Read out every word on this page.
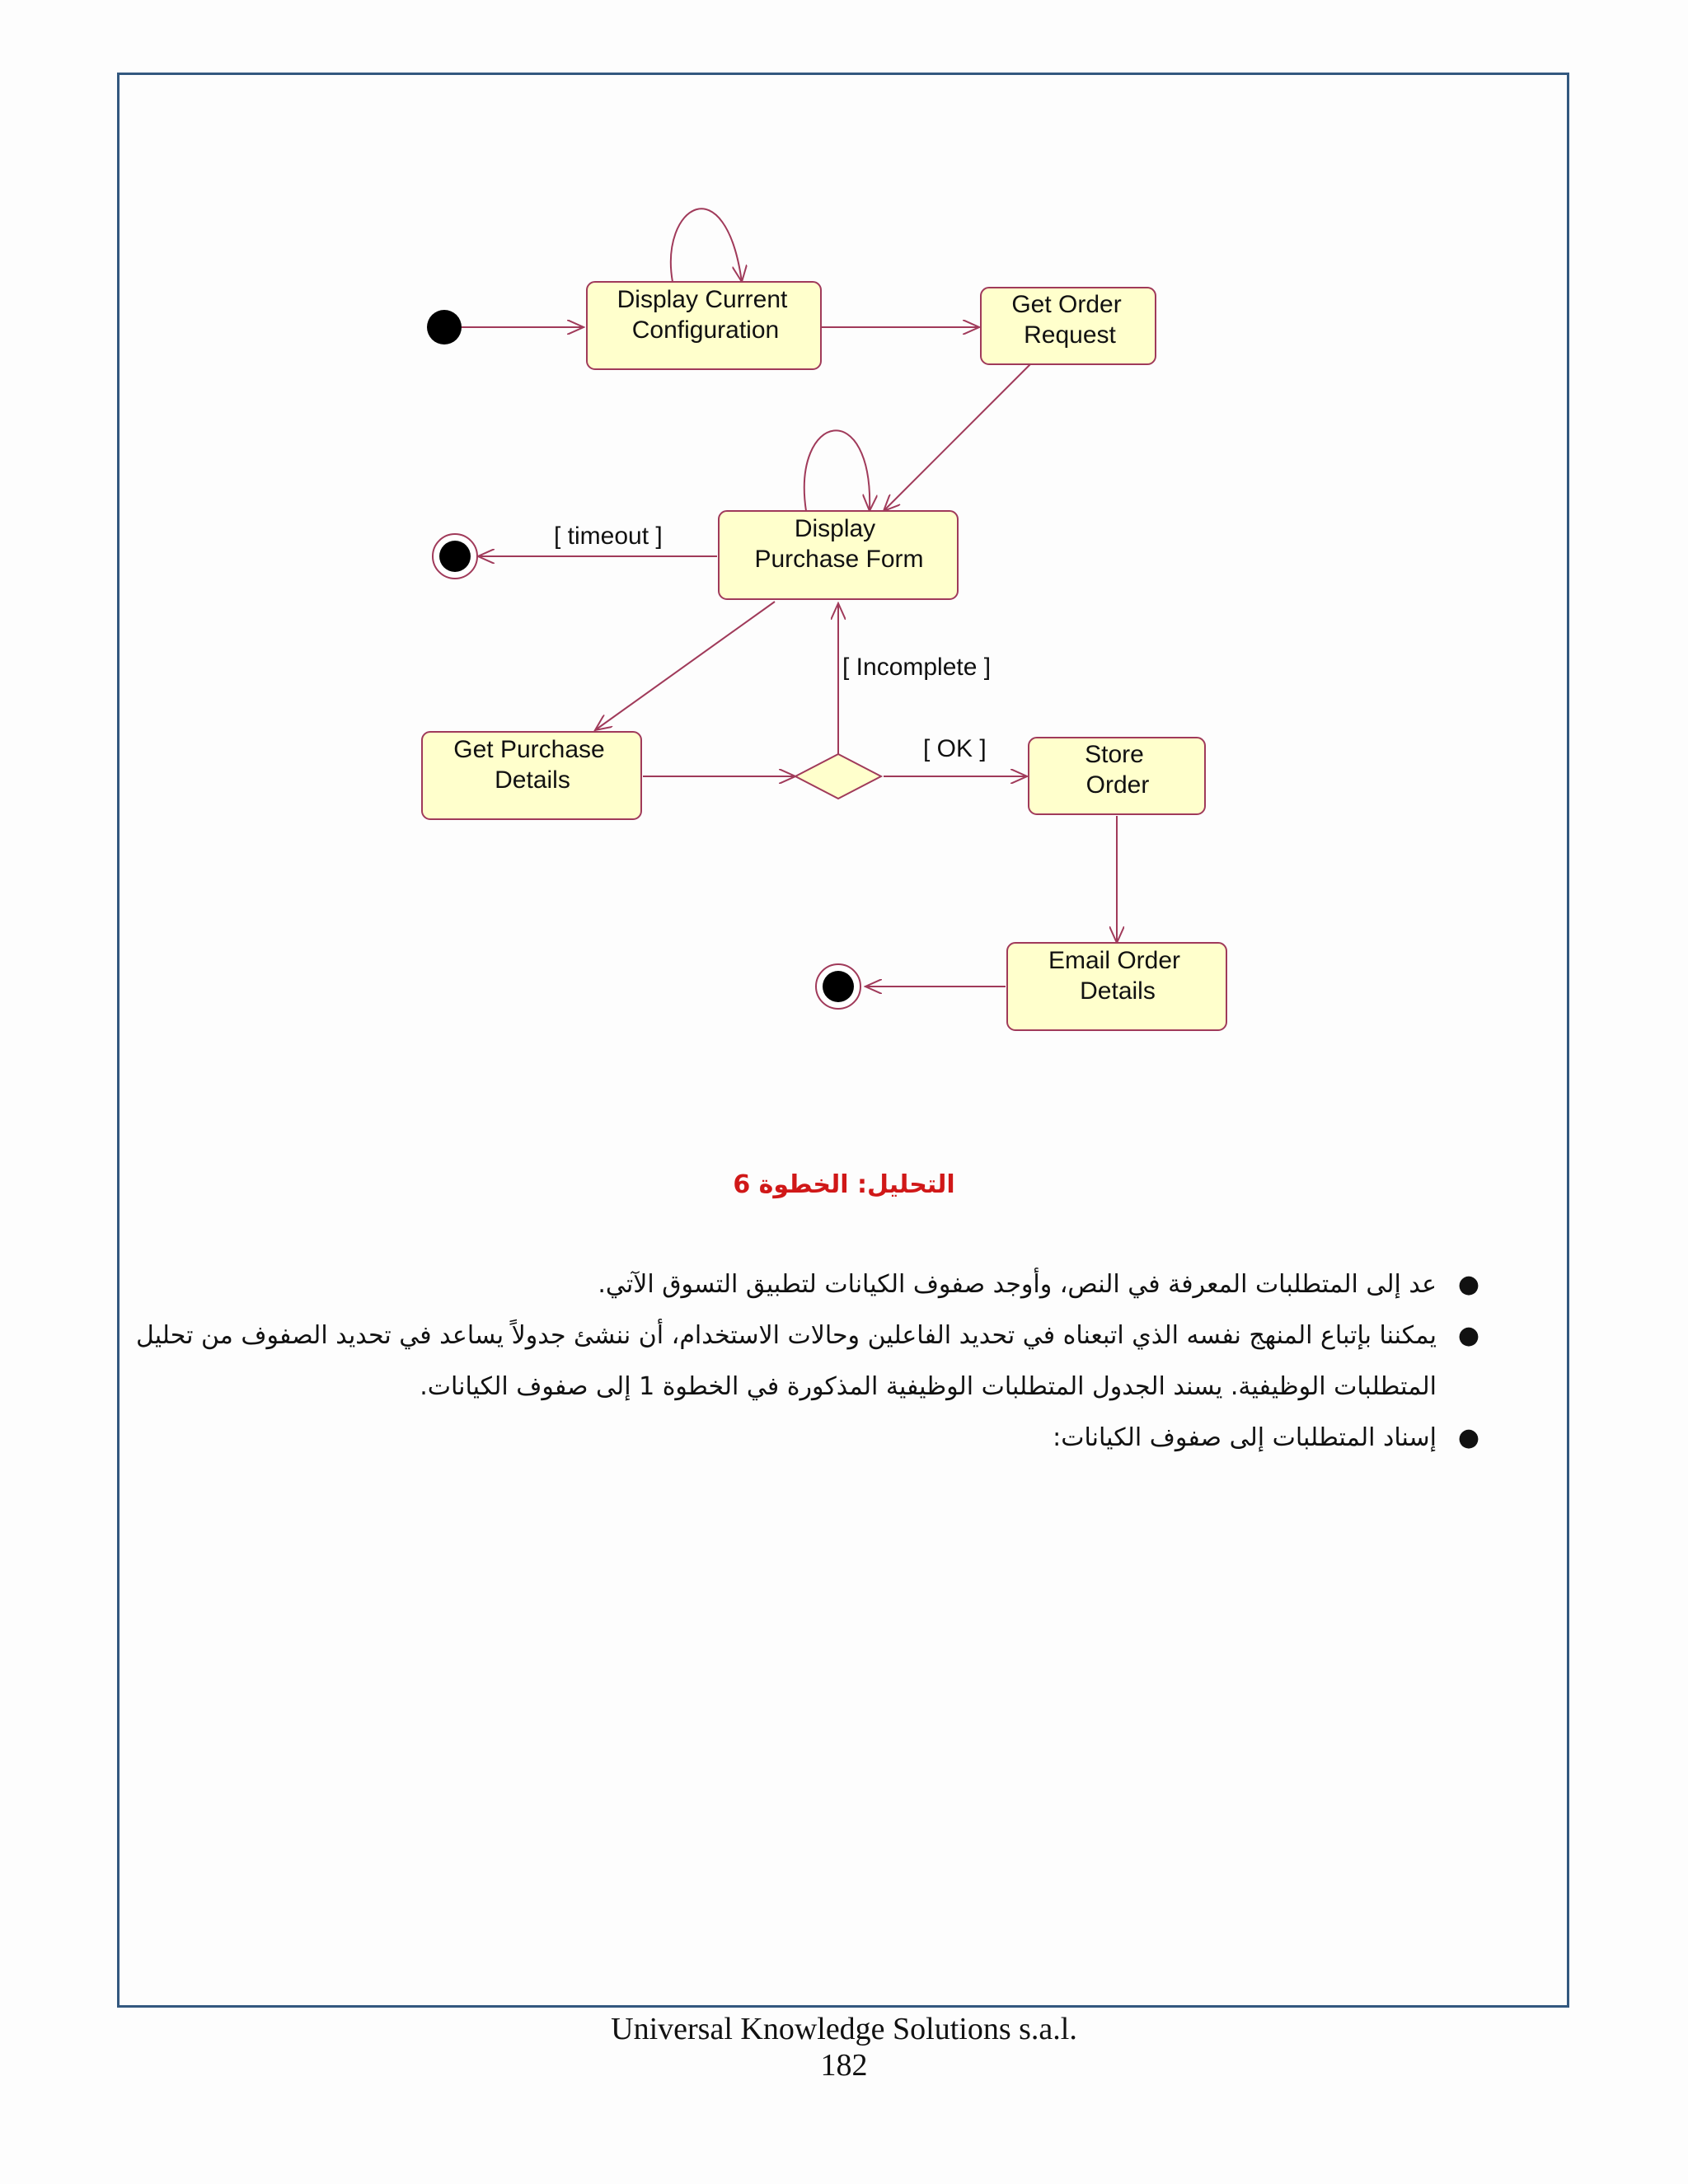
Display Current
Configuration
Get Order
Request
Display
Purchase Form
Get Purchase
Details
Store
Order
Email Order
Details
[ timeout ]
[ Incomplete ]
[ OK ]
التحليل: الخطوة 6
●
عد إلى المتطلبات المعرفة في النص، وأوجد صفوف الكيانات لتطبيق التسوق الآتي.
●
يمكننا بإتباع المنهج نفسه الذي اتبعناه في تحديد الفاعلين وحالات الاستخدام، أن ننشئ جدولاً يساعد في تحديد الصفوف من تحليل المتطلبات الوظيفية. يسند الجدول المتطلبات الوظيفية المذكورة في الخطوة 1 إلى صفوف الكيانات.
●
إسناد المتطلبات إلى صفوف الكيانات:
Universal Knowledge Solutions s.a.l.
182
